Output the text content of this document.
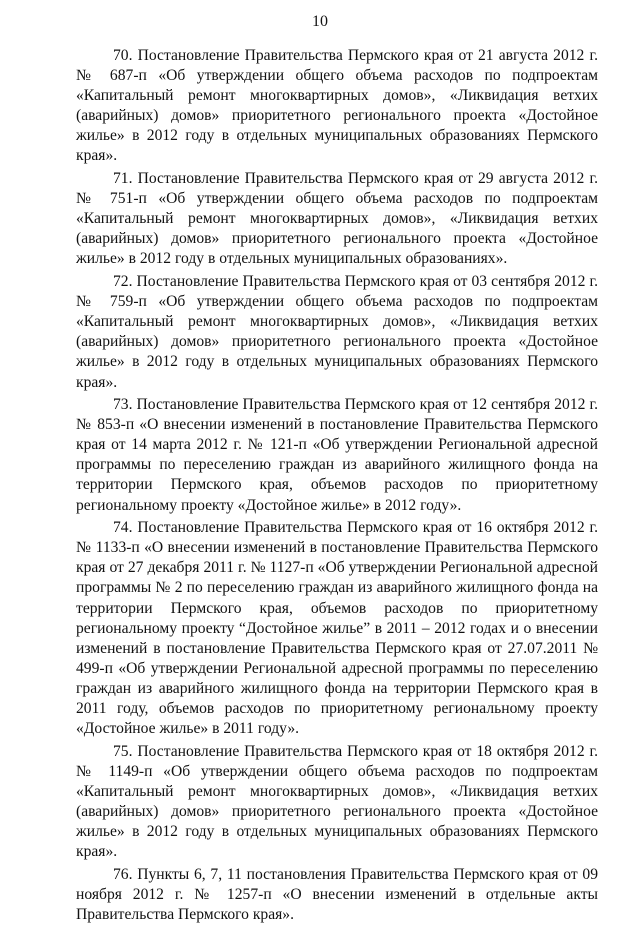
10

70. Постановление Правительства Пермского края от 21 августа 2012 г. № 687-п «Об утверждении общего объема расходов по подпроектам «Капитальный ремонт многоквартирных домов», «Ликвидация ветхих (аварийных) домов» приоритетного регионального проекта «Достойное жилье» в 2012 году в отдельных муниципальных образованиях Пермского края».

71. Постановление Правительства Пермского края от 29 августа 2012 г. № 751-п «Об утверждении общего объема расходов по подпроектам «Капитальный ремонт многоквартирных домов», «Ликвидация ветхих (аварийных) домов» приоритетного регионального проекта «Достойное жилье» в 2012 году в отдельных муниципальных образованиях».

72. Постановление Правительства Пермского края от 03 сентября 2012 г. № 759-п «Об утверждении общего объема расходов по подпроектам «Капитальный ремонт многоквартирных домов», «Ликвидация ветхих (аварийных) домов» приоритетного регионального проекта «Достойное жилье» в 2012 году в отдельных муниципальных образованиях Пермского края».

73. Постановление Правительства Пермского края от 12 сентября 2012 г. № 853-п «О внесении изменений в постановление Правительства Пермского края от 14 марта 2012 г. № 121-п «Об утверждении Региональной адресной программы по переселению граждан из аварийного жилищного фонда на территории Пермского края, объемов расходов по приоритетному региональному проекту «Достойное жилье» в 2012 году».

74. Постановление Правительства Пермского края от 16 октября 2012 г. № 1133-п «О внесении изменений в постановление Правительства Пермского края от 27 декабря 2011 г. № 1127-п «Об утверждении Региональной адресной программы № 2 по переселению граждан из аварийного жилищного фонда на территории Пермского края, объемов расходов по приоритетному региональному проекту “Достойное жилье” в 2011 – 2012 годах и о внесении изменений в постановление Правительства Пермского края от 27.07.2011 № 499-п «Об утверждении Региональной адресной программы по переселению граждан из аварийного жилищного фонда на территории Пермского края в 2011 году, объемов расходов по приоритетному региональному проекту «Достойное жилье» в 2011 году».

75. Постановление Правительства Пермского края от 18 октября 2012 г. № 1149-п «Об утверждении общего объема расходов по подпроектам «Капитальный ремонт многоквартирных домов», «Ликвидация ветхих (аварийных) домов» приоритетного регионального проекта «Достойное жилье» в 2012 году в отдельных муниципальных образованиях Пермского края».

76. Пункты 6, 7, 11 постановления Правительства Пермского края от 09 ноября 2012 г. № 1257-п «О внесении изменений в отдельные акты Правительства Пермского края».
